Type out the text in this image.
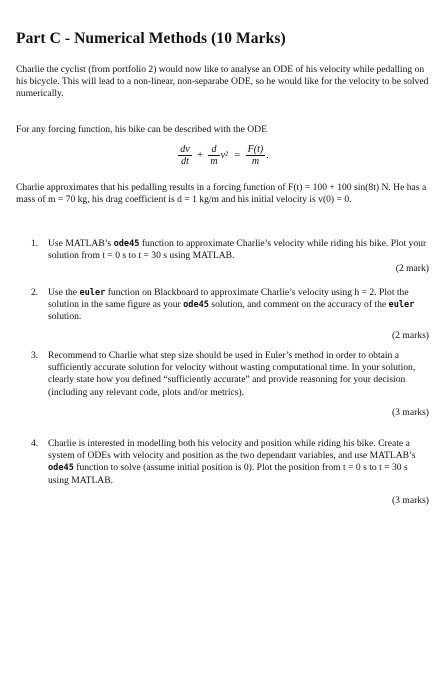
Part C - Numerical Methods (10 Marks)
Charlie the cyclist (from portfolio 2) would now like to analyse an ODE of his velocity while pedalling on his bicycle. This will lead to a non-linear, non-separabe ODE, so he would like for the velocity to be solved numerically.
For any forcing function, his bike can be described with the ODE
$\frac{dv}{dt} + \frac{d}{m} v^2 = \frac{F(t)}{m}$ .
Charlie approximates that his pedalling results in a forcing function of F(t) = 100 + 100 sin(8t) N. He has a mass of m = 70 kg, his drag coefficient is d = 1 kg/m and his initial velocity is v(0) = 0.
1. Use MATLAB’s ode45 function to approximate Charlie’s velocity while riding his bike. Plot your solution from t = 0 s to t = 30 s using MATLAB.
(2 mark)
2. Use the euler function on Blackboard to approximate Charlie’s velocity using h = 2. Plot the solution in the same figure as your ode45 solution, and comment on the accuracy of the euler solution.
(2 marks)
3. Recommend to Charlie what step size should be used in Euler’s method in order to obtain a sufficiently accurate solution for velocity without wasting computational time. In your solution, clearly state how you defined “sufficiently accurate” and provide reasoning for your decision (including any relevant code, plots and/or metrics).
(3 marks)
4. Charlie is interested in modelling both his velocity and position while riding his bike. Create a system of ODEs with velocity and position as the two dependant variables, and use MATLAB’s ode45 function to solve (assume initial position is 0). Plot the position from t = 0 s to t = 30 s using MATLAB.
(3 marks)
